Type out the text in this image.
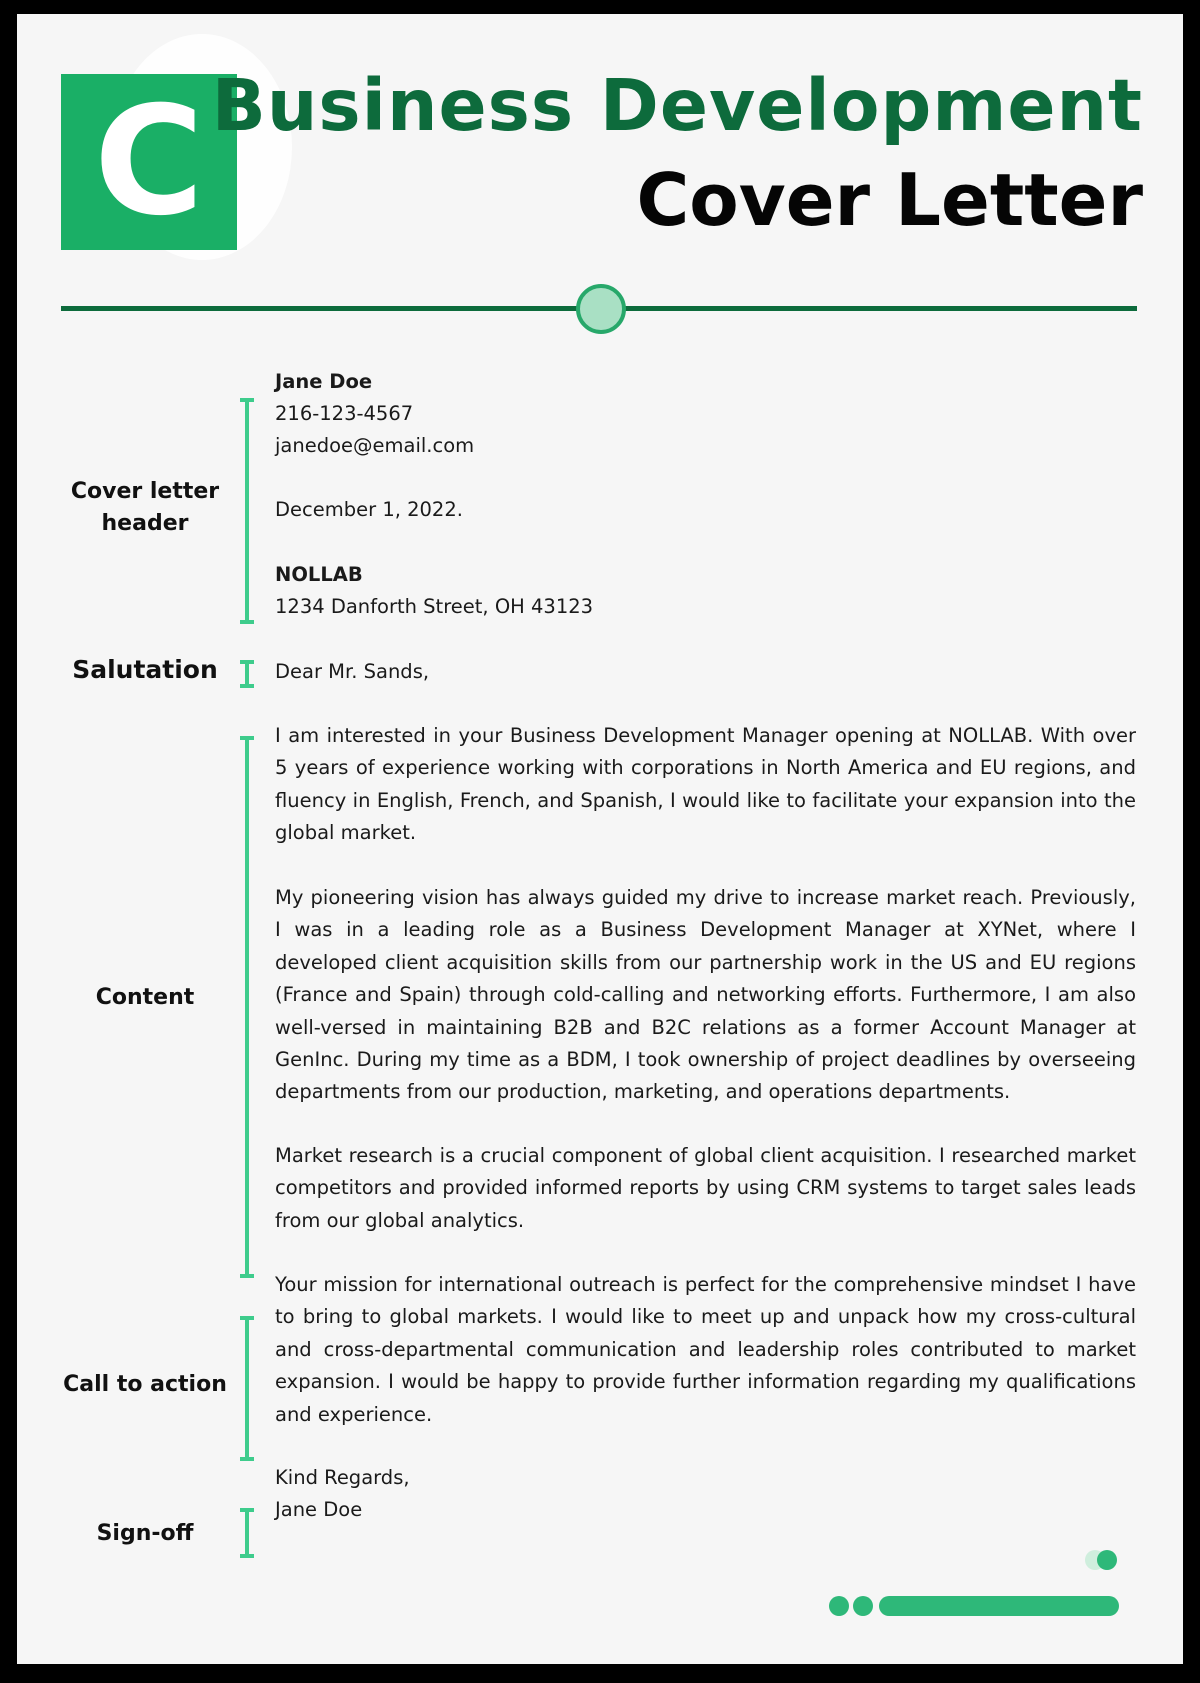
C Business Development
Cover Letter
Cover letter header
Salutation
Content
Call to action
Sign-off
Jane Doe
216-123-4567
janedoe@email.com
December 1, 2022.
NOLLAB
1234 Danforth Street, OH 43123
Dear Mr. Sands,
I am interested in your Business Development Manager opening at NOLLAB. With over 5 years of experience working with corporations in North America and EU regions, and fluency in English, French, and Spanish, I would like to facilitate your expansion into the global market.
My pioneering vision has always guided my drive to increase market reach. Previously, I was in a leading role as a Business Development Manager at XYNet, where I developed client acquisition skills from our partnership work in the US and EU regions (France and Spain) through cold-calling and networking efforts. Furthermore, I am also well-versed in maintaining B2B and B2C relations as a former Account Manager at GenInc. During my time as a BDM, I took ownership of project deadlines by overseeing departments from our production, marketing, and operations departments.
Market research is a crucial component of global client acquisition. I researched market competitors and provided informed reports by using CRM systems to target sales leads from our global analytics.
Your mission for international outreach is perfect for the comprehensive mindset I have to bring to global markets. I would like to meet up and unpack how my cross-cultural and cross-departmental communication and leadership roles contributed to market expansion. I would be happy to provide further information regarding my qualifications and experience.
Kind Regards,
Jane Doe
